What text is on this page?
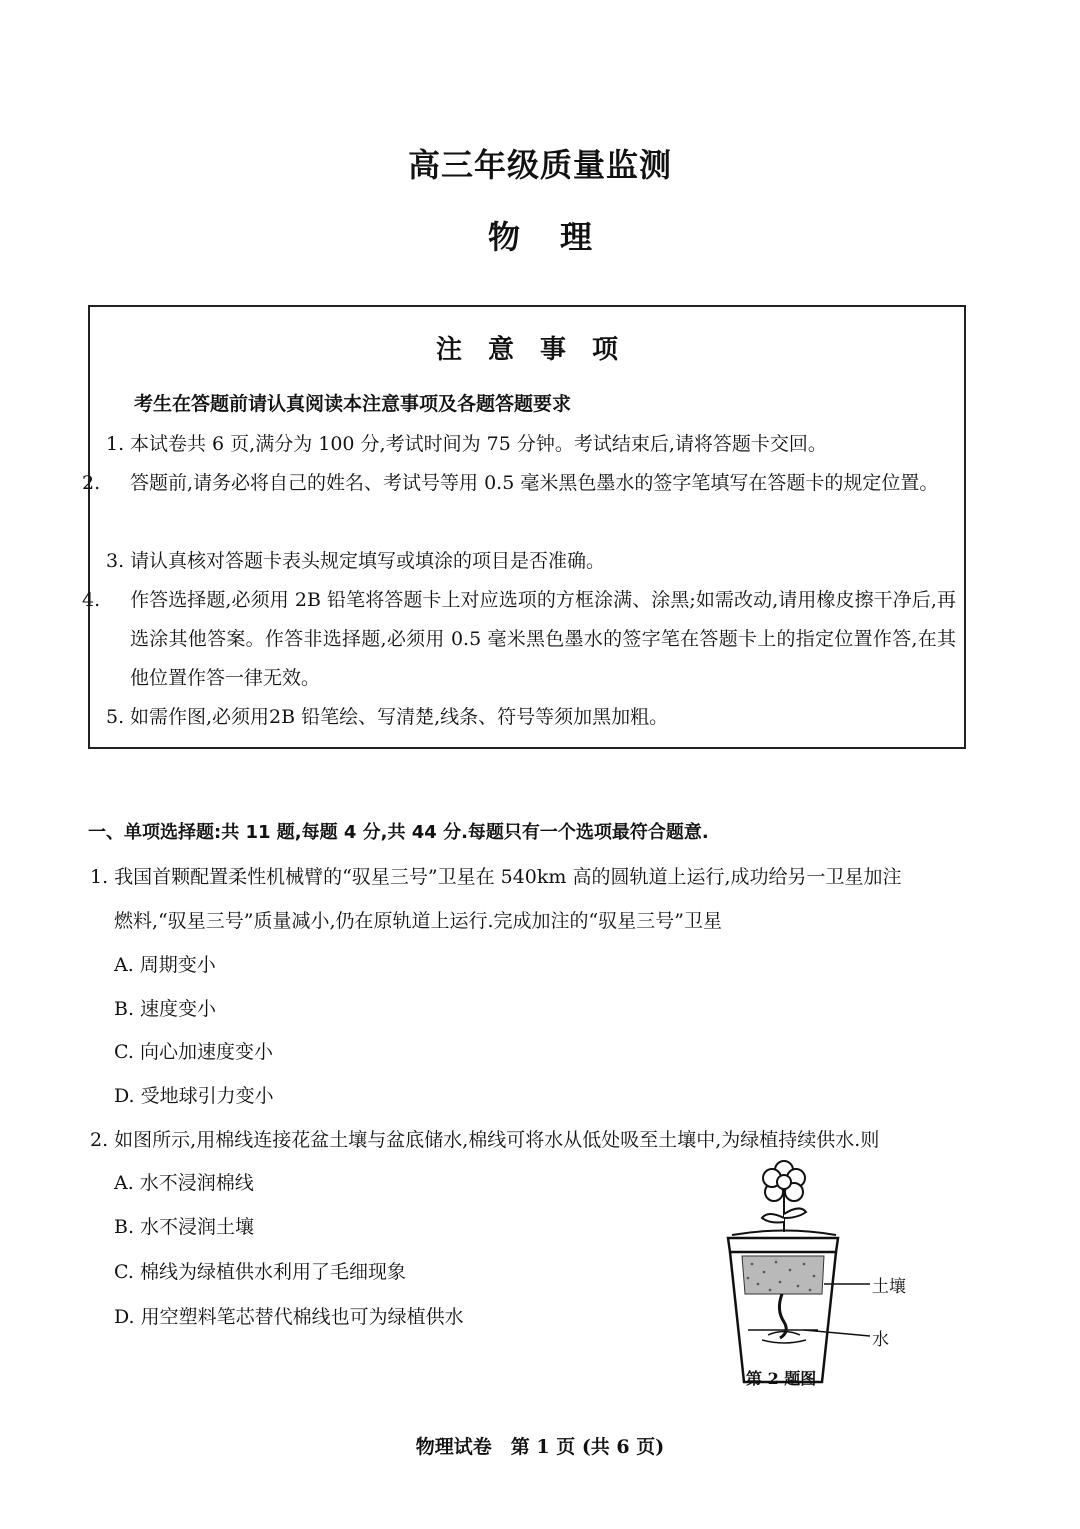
高三年级质量监测
物理
注意事项
考生在答题前请认真阅读本注意事项及各题答题要求
1. 本试卷共 6 页,满分为 100 分,考试时间为 75 分钟。考试结束后,请将答题卡交回。
2. 答题前,请务必将自己的姓名、考试号等用 0.5 毫米黑色墨水的签字笔填写在答题卡的规定位置。
3. 请认真核对答题卡表头规定填写或填涂的项目是否准确。
4. 作答选择题,必须用 2B 铅笔将答题卡上对应选项的方框涂满、涂黑;如需改动,请用橡皮擦干净后,再选涂其他答案。作答非选择题,必须用 0.5 毫米黑色墨水的签字笔在答题卡上的指定位置作答,在其他位置作答一律无效。
5. 如需作图,必须用2B 铅笔绘、写清楚,线条、符号等须加黑加粗。
一、单项选择题:共 11 题,每题 4 分,共 44 分.每题只有一个选项最符合题意.
1. 我国首颗配置柔性机械臂的“驭星三号”卫星在 540km 高的圆轨道上运行,成功给另一卫星加注
燃料,“驭星三号”质量减小,仍在原轨道上运行.完成加注的“驭星三号”卫星
A. 周期变小
B. 速度变小
C. 向心加速度变小
D. 受地球引力变小
2. 如图所示,用棉线连接花盆土壤与盆底储水,棉线可将水从低处吸至土壤中,为绿植持续供水.则
A. 水不浸润棉线
B. 水不浸润土壤
C. 棉线为绿植供水利用了毛细现象
D. 用空塑料笔芯替代棉线也可为绿植供水
土壤
水
第 2 题图
物理试卷　第 1 页 (共 6 页)
